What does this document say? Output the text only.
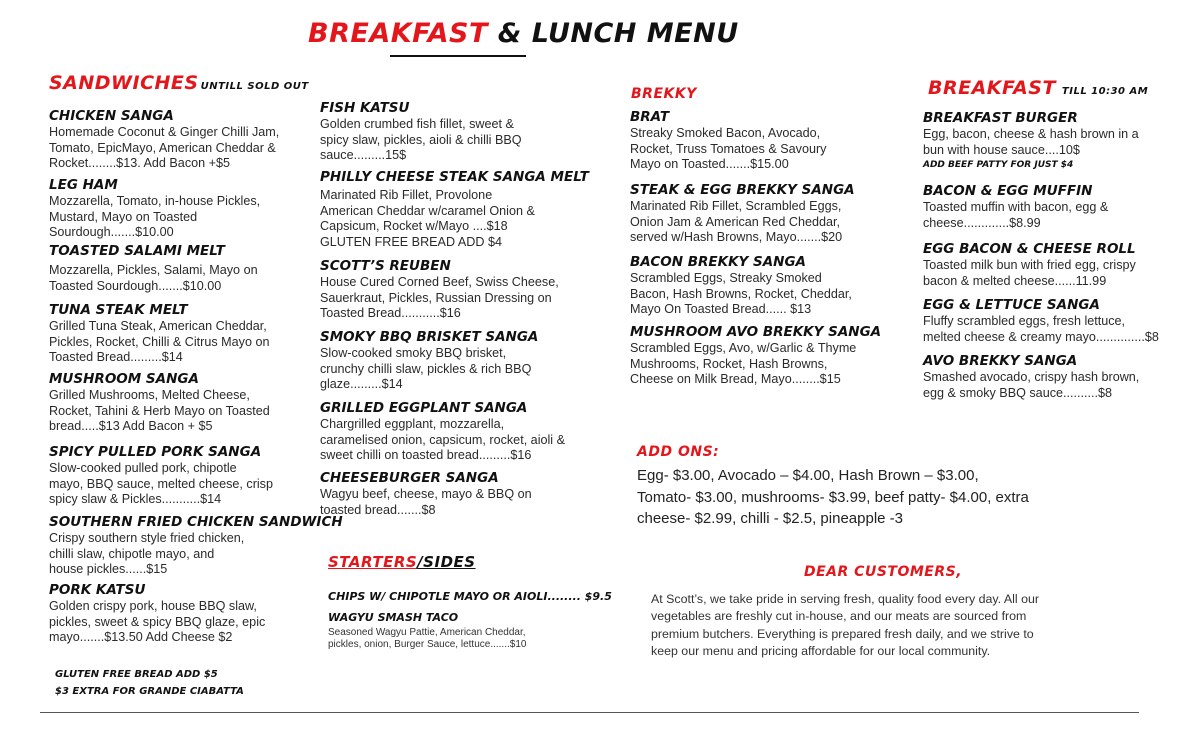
BREAKFAST & LUNCH MENU
SANDWICHES UNTILL SOLD OUT
CHICKEN SANGA
Homemade Coconut & Ginger Chilli Jam,
Tomato, EpicMayo, American Cheddar &
Rocket........$13. Add Bacon +$5
LEG HAM
Mozzarella, Tomato, in-house Pickles,
Mustard, Mayo on Toasted
Sourdough.......$10.00
TOASTED SALAMI MELT
Mozzarella, Pickles, Salami, Mayo on
Toasted Sourdough.......$10.00
TUNA STEAK MELT
Grilled Tuna Steak, American Cheddar,
Pickles, Rocket, Chilli & Citrus Mayo on
Toasted Bread.........$14
MUSHROOM SANGA
Grilled Mushrooms, Melted Cheese,
Rocket, Tahini & Herb Mayo on Toasted
bread.....$13 Add Bacon + $5
SPICY PULLED PORK SANGA
Slow-cooked pulled pork, chipotle
mayo, BBQ sauce, melted cheese, crisp
spicy slaw & Pickles...........$14
SOUTHERN FRIED CHICKEN SANDWICH
Crispy southern style fried chicken,
chilli slaw, chipotle mayo, and
house pickles......$15
PORK KATSU
Golden crispy pork, house BBQ slaw,
pickles, sweet & spicy BBQ glaze, epic
mayo.......$13.50 Add Cheese $2
GLUTEN FREE BREAD ADD $5
$3 EXTRA FOR GRANDE CIABATTA
FISH KATSU
Golden crumbed fish fillet, sweet &
spicy slaw, pickles, aioli & chilli BBQ
sauce.........15$
PHILLY CHEESE STEAK SANGA MELT
Marinated Rib Fillet, Provolone
American Cheddar w/caramel Onion &
Capsicum, Rocket w/Mayo ....$18
GLUTEN FREE BREAD ADD $4
SCOTT’S REUBEN
House Cured Corned Beef, Swiss Cheese,
Sauerkraut, Pickles, Russian Dressing on
Toasted Bread...........$16
SMOKY BBQ BRISKET SANGA
Slow-cooked smoky BBQ brisket,
crunchy chilli slaw, pickles & rich BBQ
glaze.........$14
GRILLED EGGPLANT SANGA
Chargrilled eggplant, mozzarella,
caramelised onion, capsicum, rocket, aioli &
sweet chilli on toasted bread.........$16
CHEESEBURGER SANGA
Wagyu beef, cheese, mayo & BBQ on
toasted bread.......$8
STARTERS/SIDES
CHIPS W/ CHIPOTLE MAYO OR AIOLI........ $9.5
WAGYU SMASH TACO
Seasoned Wagyu Pattie, American Cheddar,
pickles, onion, Burger Sauce, lettuce.......$10
BREKKY
BRAT
Streaky Smoked Bacon, Avocado,
Rocket, Truss Tomatoes & Savoury
Mayo on Toasted.......$15.00
STEAK & EGG BREKKY SANGA
Marinated Rib Fillet, Scrambled Eggs,
Onion Jam & American Red Cheddar,
served w/Hash Browns, Mayo.......$20
BACON BREKKY SANGA
Scrambled Eggs, Streaky Smoked
Bacon, Hash Browns, Rocket, Cheddar,
Mayo On Toasted Bread...... $13
MUSHROOM AVO BREKKY SANGA
Scrambled Eggs, Avo, w/Garlic & Thyme
Mushrooms, Rocket, Hash Browns,
Cheese on Milk Bread, Mayo........$15
BREAKFAST TILL 10:30 AM
BREAKFAST BURGER
Egg, bacon, cheese & hash brown in a
bun with house sauce....10$
ADD BEEF PATTY FOR JUST $4
BACON & EGG MUFFIN
Toasted muffin with bacon, egg &
cheese.............$8.99
EGG BACON & CHEESE ROLL
Toasted milk bun with fried egg, crispy
bacon & melted cheese......11.99
EGG & LETTUCE SANGA
Fluffy scrambled eggs, fresh lettuce,
melted cheese & creamy mayo..............$8
AVO BREKKY SANGA
Smashed avocado, crispy hash brown,
egg & smoky BBQ sauce..........$8
ADD ONS:
Egg- $3.00, Avocado – $4.00, Hash Brown – $3.00,
Tomato- $3.00, mushrooms- $3.99, beef patty- $4.00, extra
cheese- $2.99, chilli - $2.5, pineapple -3
DEAR CUSTOMERS,
At Scott’s, we take pride in serving fresh, quality food every day. All our
vegetables are freshly cut in-house, and our meats are sourced from
premium butchers. Everything is prepared fresh daily, and we strive to
keep our menu and pricing affordable for our local community.
